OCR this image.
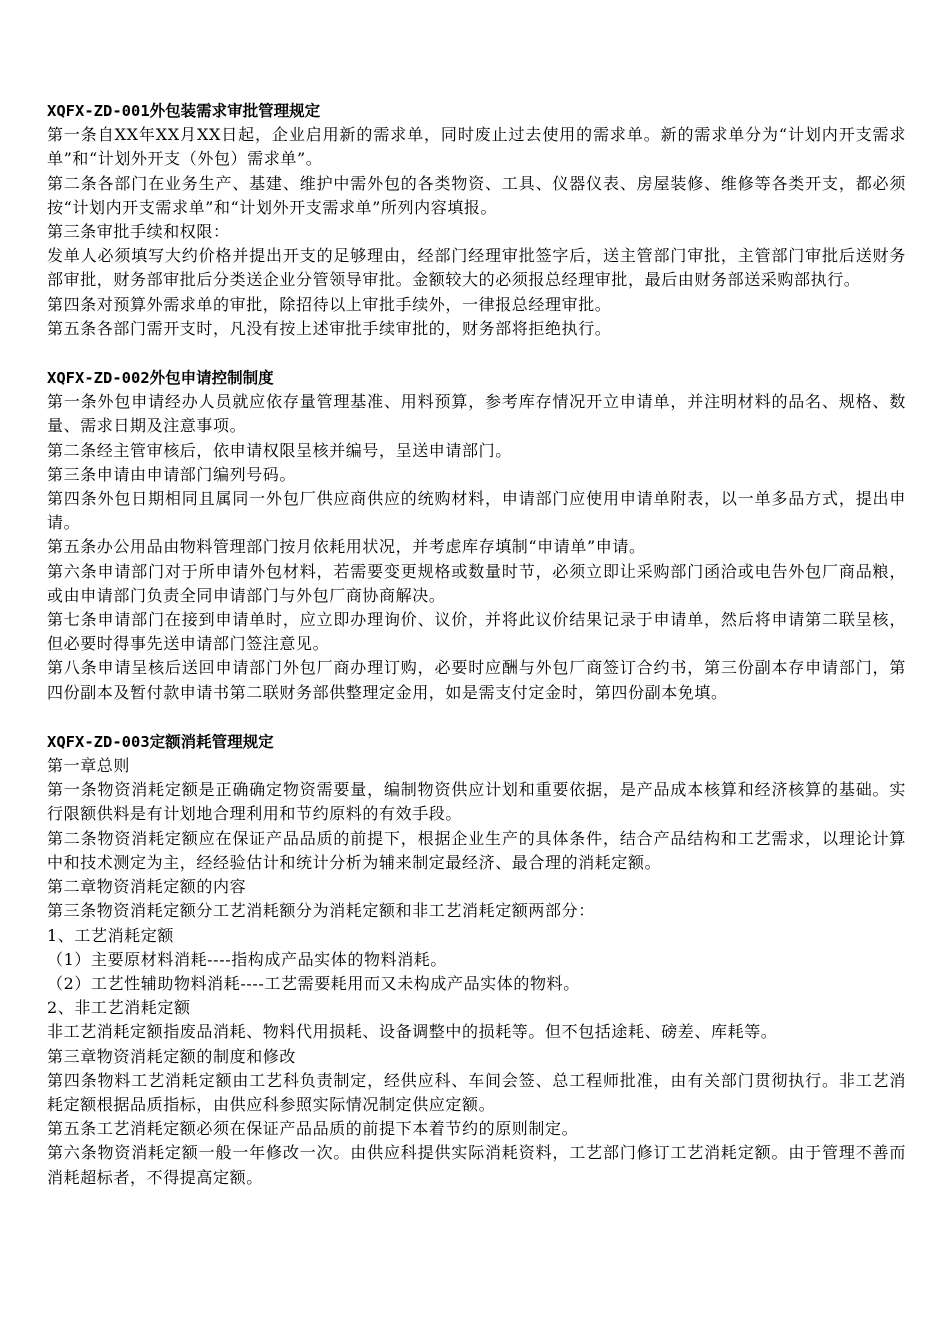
XQFX-ZD-001外包装需求审批管理规定

第一条自XX年XX月XX日起，企业启用新的需求单，同时废止过去使用的需求单。新的需求单分为“计划内开支需求单”和“计划外开支（外包）需求单”。

第二条各部门在业务生产、基建、维护中需外包的各类物资、工具、仪器仪表、房屋装修、维修等各类开支，都必须按“计划内开支需求单”和“计划外开支需求单”所列内容填报。

第三条审批手续和权限：

发单人必须填写大约价格并提出开支的足够理由，经部门经理审批签字后，送主管部门审批，主管部门审批后送财务部审批，财务部审批后分类送企业分管领导审批。金额较大的必须报总经理审批，最后由财务部送采购部执行。

第四条对预算外需求单的审批，除招待以上审批手续外，一律报总经理审批。

第五条各部门需开支时，凡没有按上述审批手续审批的，财务部将拒绝执行。

XQFX-ZD-002外包申请控制制度

第一条外包申请经办人员就应依存量管理基准、用料预算，参考库存情况开立申请单，并注明材料的品名、规格、数量、需求日期及注意事项。

第二条经主管审核后，依申请权限呈核并编号，呈送申请部门。

第三条申请由申请部门编列号码。

第四条外包日期相同且属同一外包厂供应商供应的统购材料，申请部门应使用申请单附表，以一单多品方式，提出申请。

第五条办公用品由物料管理部门按月依耗用状况，并考虑库存填制“申请单”申请。

第六条申请部门对于所申请外包材料，若需要变更规格或数量时节，必须立即让采购部门函洽或电告外包厂商品粮，或由申请部门负责全同申请部门与外包厂商协商解决。

第七条申请部门在接到申请单时，应立即办理询价、议价，并将此议价结果记录于申请单，然后将申请第二联呈核，但必要时得事先送申请部门签注意见。

第八条申请呈核后送回申请部门外包厂商办理订购，必要时应酬与外包厂商签订合约书，第三份副本存申请部门，第四份副本及暂付款申请书第二联财务部供整理定金用，如是需支付定金时，第四份副本免填。

XQFX-ZD-003定额消耗管理规定

第一章总则

第一条物资消耗定额是正确确定物资需要量，编制物资供应计划和重要依据，是产品成本核算和经济核算的基础。实行限额供料是有计划地合理利用和节约原料的有效手段。

第二条物资消耗定额应在保证产品品质的前提下，根据企业生产的具体条件，结合产品结构和工艺需求，以理论计算中和技术测定为主，经经验估计和统计分析为辅来制定最经济、最合理的消耗定额。

第二章物资消耗定额的内容

第三条物资消耗定额分工艺消耗额分为消耗定额和非工艺消耗定额两部分：

1、工艺消耗定额

（1）主要原材料消耗----指构成产品实体的物料消耗。

（2）工艺性辅助物料消耗----工艺需要耗用而又未构成产品实体的物料。

2、非工艺消耗定额

非工艺消耗定额指废品消耗、物料代用损耗、设备调整中的损耗等。但不包括途耗、磅差、库耗等。

第三章物资消耗定额的制度和修改

第四条物料工艺消耗定额由工艺科负责制定，经供应科、车间会签、总工程师批准，由有关部门贯彻执行。非工艺消耗定额根据品质指标，由供应科参照实际情况制定供应定额。

第五条工艺消耗定额必须在保证产品品质的前提下本着节约的原则制定。

第六条物资消耗定额一般一年修改一次。由供应科提供实际消耗资料，工艺部门修订工艺消耗定额。由于管理不善而消耗超标者，不得提高定额。
